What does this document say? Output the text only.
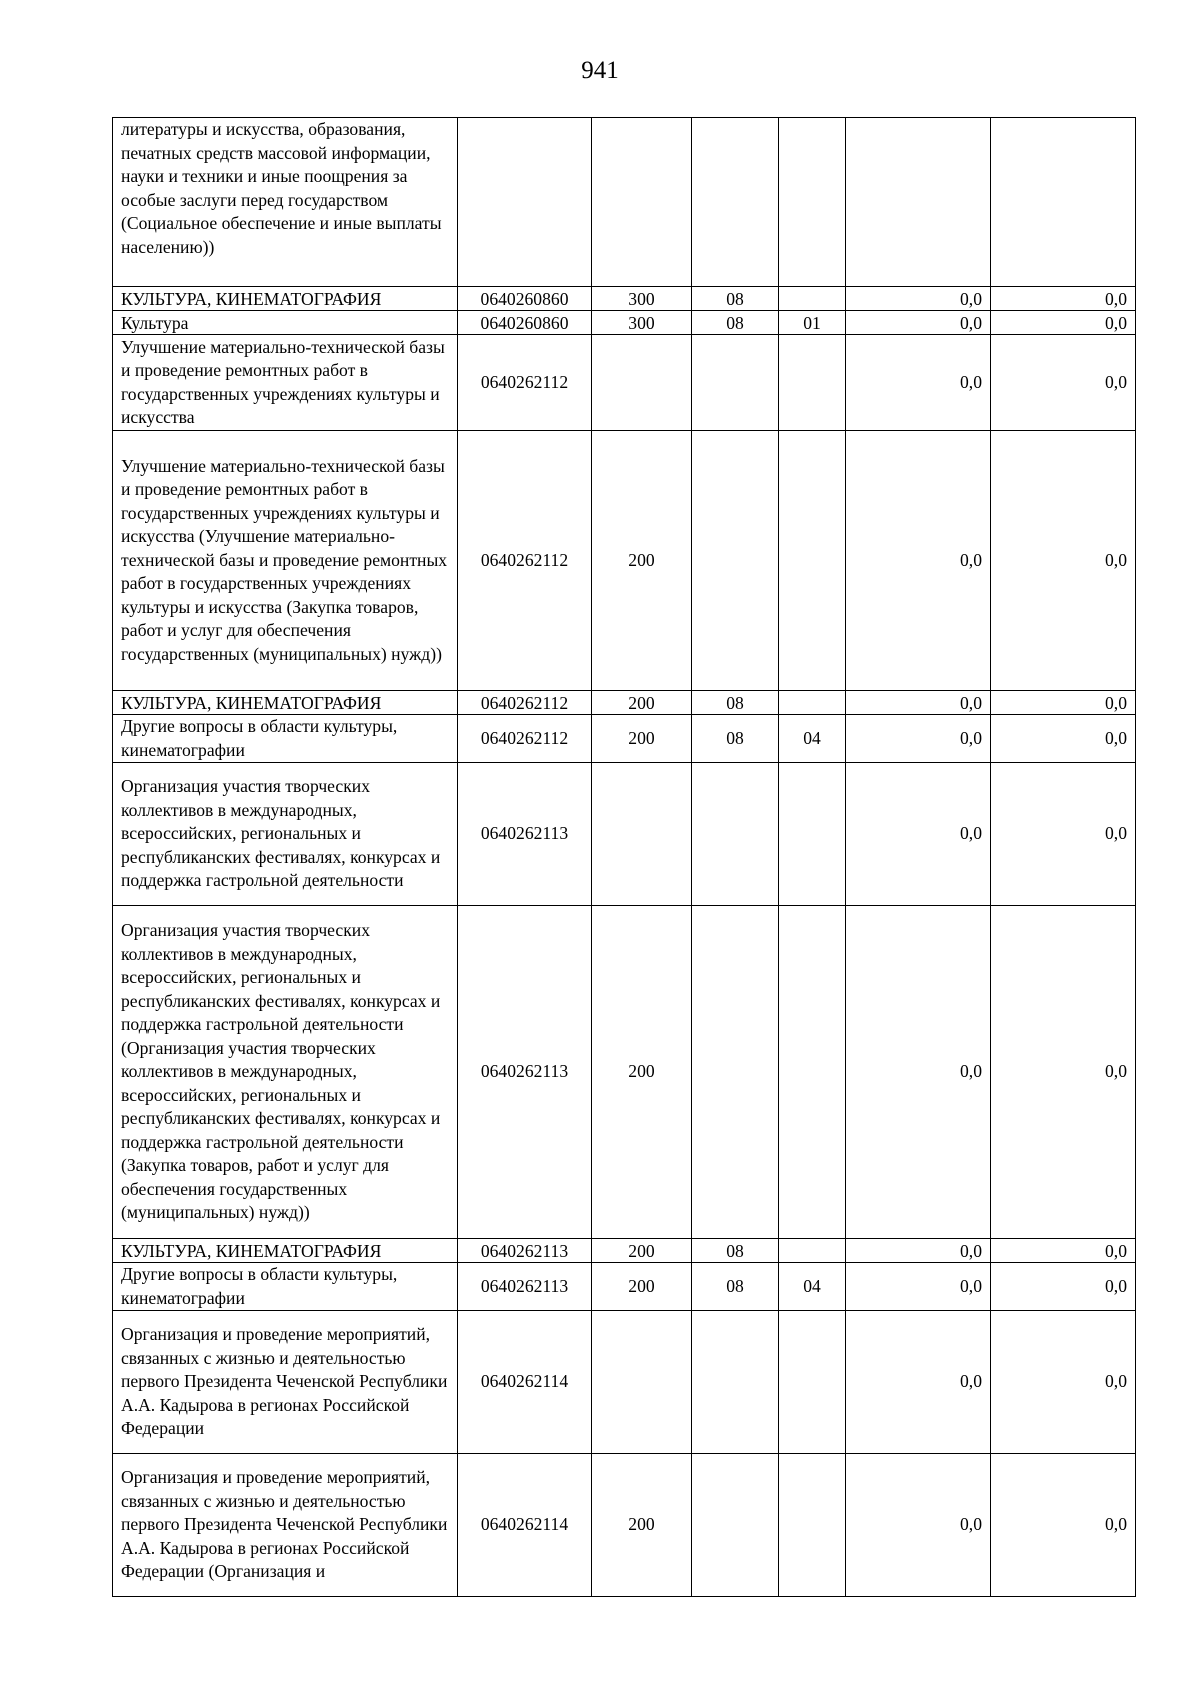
941
литературы и искусства, образования, печатных средств массовой информации, науки и техники и иные поощрения за особые заслуги перед государством (Социальное обеспечение и иные выплаты населению))						
КУЛЬТУРА, КИНЕМАТОГРАФИЯ	0640260860	300	08		0,0	0,0
Культура	0640260860	300	08	01	0,0	0,0
Улучшение материально-технической базы и проведение ремонтных работ в государственных учреждениях культуры и искусства	0640262112				0,0	0,0
Улучшение материально-технической базы и проведение ремонтных работ в государственных учреждениях культуры и искусства (Улучшение материально-технической базы и проведение ремонтных работ в государственных учреждениях культуры и искусства (Закупка товаров, работ и услуг для обеспечения государственных (муниципальных) нужд))	0640262112	200			0,0	0,0
КУЛЬТУРА, КИНЕМАТОГРАФИЯ	0640262112	200	08		0,0	0,0
Другие вопросы в области культуры, кинематографии	0640262112	200	08	04	0,0	0,0
Организация участия творческих коллективов в международных, всероссийских, региональных и республиканских фестивалях, конкурсах и поддержка гастрольной деятельности	0640262113				0,0	0,0
Организация участия творческих коллективов в международных, всероссийских, региональных и республиканских фестивалях, конкурсах и поддержка гастрольной деятельности (Организация участия творческих коллективов в международных, всероссийских, региональных и республиканских фестивалях, конкурсах и поддержка гастрольной деятельности (Закупка товаров, работ и услуг для обеспечения государственных (муниципальных) нужд))	0640262113	200			0,0	0,0
КУЛЬТУРА, КИНЕМАТОГРАФИЯ	0640262113	200	08		0,0	0,0
Другие вопросы в области культуры, кинематографии	0640262113	200	08	04	0,0	0,0
Организация и проведение мероприятий, связанных с жизнью и деятельностью первого Президента Чеченской Республики А.А. Кадырова в регионах Российской Федерации	0640262114				0,0	0,0
Организация и проведение мероприятий, связанных с жизнью и деятельностью первого Президента Чеченской Республики А.А. Кадырова в регионах Российской Федерации (Организация и	0640262114	200			0,0	0,0
